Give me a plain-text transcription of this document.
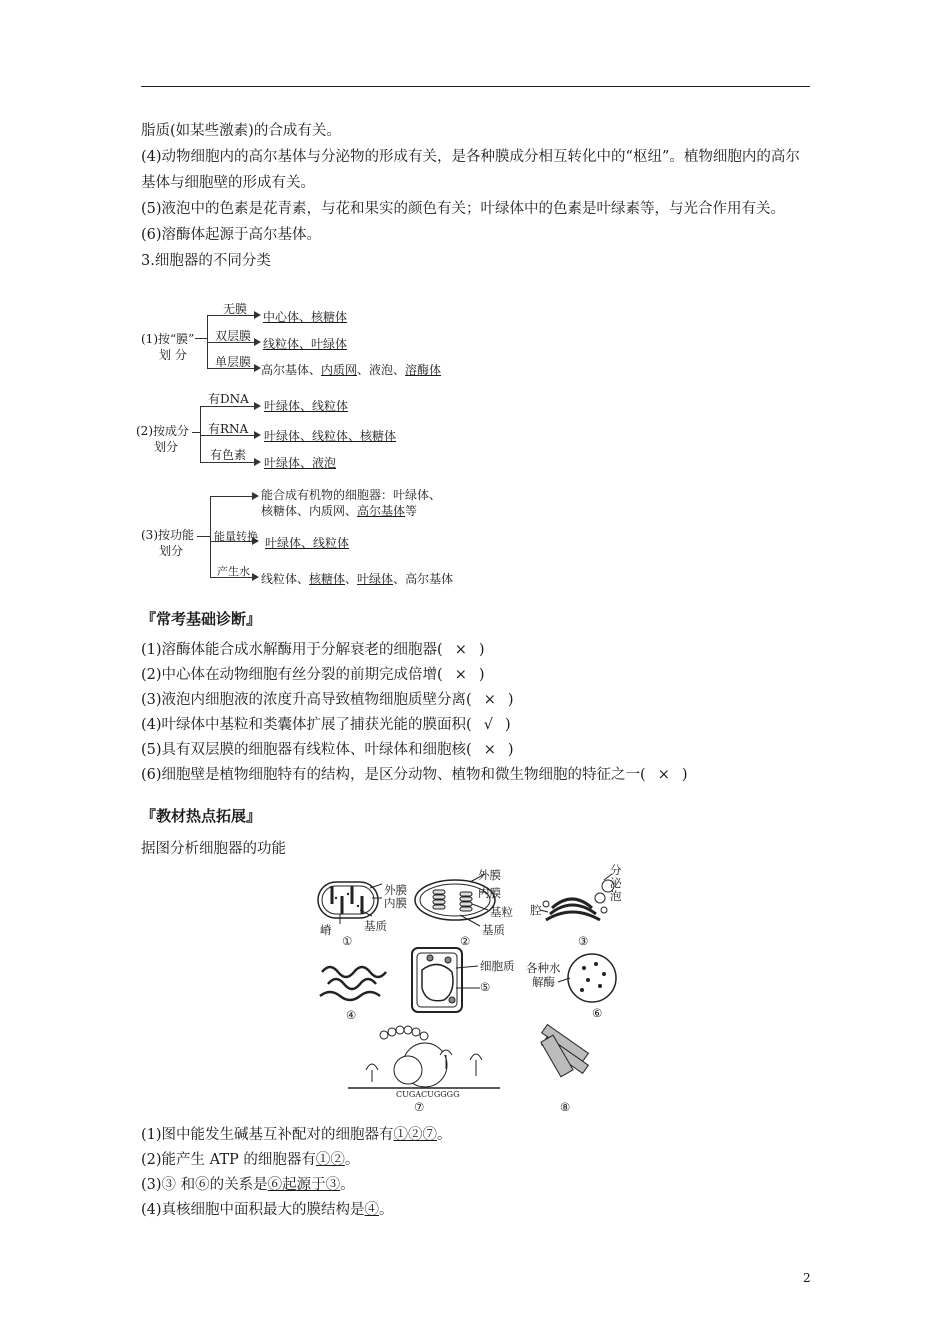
脂质(如某些激素)的合成有关。
(4)动物细胞内的高尔基体与分泌物的形成有关，是各种膜成分相互转化中的“枢纽”。植物细胞内的高尔基体与细胞壁的形成有关。
(5)液泡中的色素是花青素，与花和果实的颜色有关；叶绿体中的色素是叶绿素等，与光合作用有关。
(6)溶酶体起源于高尔基体。
3.细胞器的不同分类
(1)按“膜”
划 分
无膜
中心体、核糖体
双层膜
线粒体、叶绿体
单层膜
高尔基体、内质网、液泡、溶酶体
(2)按成分
划分
有DNA 叶绿体、线粒体
有RNA 叶绿体、线粒体、核糖体
有色素
叶绿体、液泡
(3)按功能
划分
能合成有机物的细胞器：叶绿体、
核糖体、内质网、高尔基体等
能量转换 叶绿体、线粒体
产生水
线粒体、核糖体、叶绿体、高尔基体
『常考基础诊断』
(1)溶酶体能合成水解酶用于分解衰老的细胞器( × )
(2)中心体在动物细胞有丝分裂的前期完成倍增( × )
(3)液泡内细胞液的浓度升高导致植物细胞质壁分离( × )
(4)叶绿体中基粒和类囊体扩展了捕获光能的膜面积( √ )
(5)具有双层膜的细胞器有线粒体、叶绿体和细胞核( × )
(6)细胞壁是植物细胞特有的结构，是区分动物、植物和微生物细胞的特征之一( × )
『教材热点拓展』
据图分析细胞器的功能
外膜
内膜
嵴	基质
①
外膜
内膜
基粒
基质
②
腔
分
泌
泡
③
④
细胞质
⑤
各种水
解酶
⑥
CUGACUGGGG
⑦	⑧
(1)图中能发生碱基互补配对的细胞器有①②⑦。
(2)能产生 ATP 的细胞器有①②。
(3)③ 和⑥的关系是⑥起源于③。
(4)真核细胞中面积最大的膜结构是④。
2
